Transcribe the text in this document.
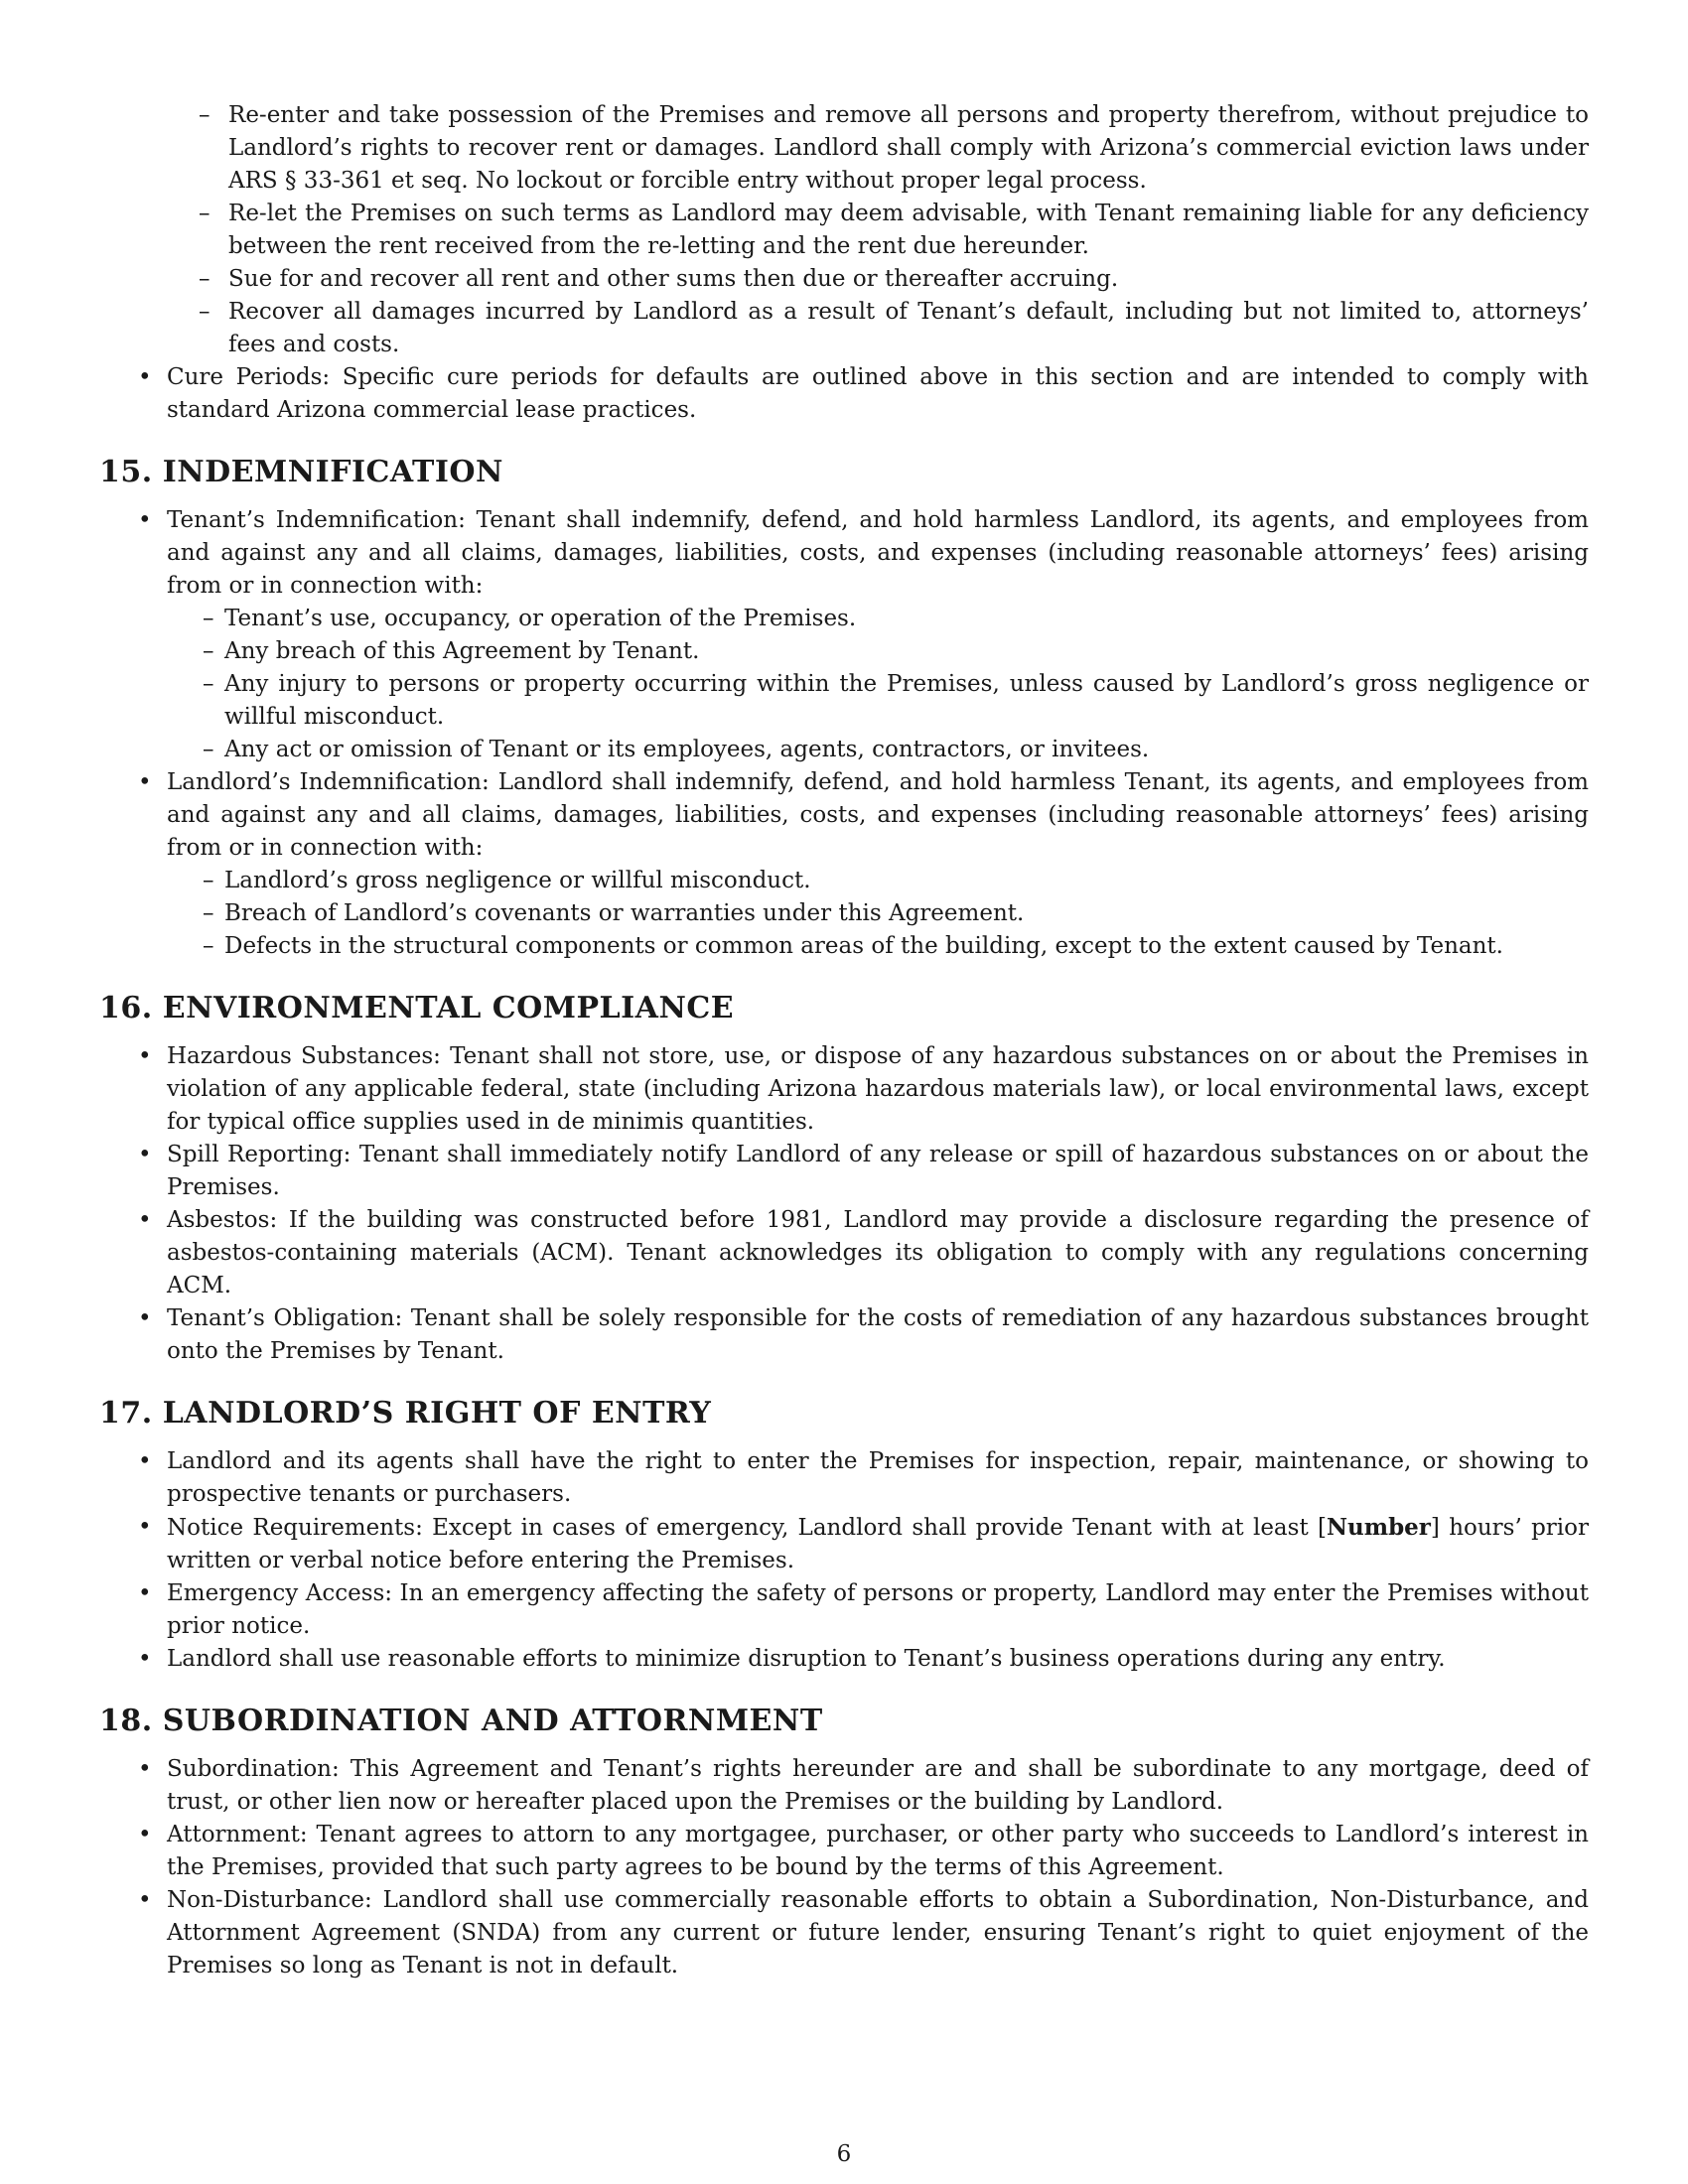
– Re-enter and take possession of the Premises and remove all persons and property therefrom, without prejudice to Landlord’s rights to recover rent or damages. Landlord shall comply with Arizona’s commercial eviction laws under ARS § 33-361 et seq. No lockout or forcible entry without proper legal process.
– Re-let the Premises on such terms as Landlord may deem advisable, with Tenant remaining liable for any deficiency between the rent received from the re-letting and the rent due hereunder.
– Sue for and recover all rent and other sums then due or thereafter accruing.
– Recover all damages incurred by Landlord as a result of Tenant’s default, including but not limited to, attorneys’ fees and costs.
• Cure Periods: Specific cure periods for defaults are outlined above in this section and are intended to comply with standard Arizona commercial lease practices.
15. INDEMNIFICATION
• Tenant’s Indemnification: Tenant shall indemnify, defend, and hold harmless Landlord, its agents, and employees from and against any and all claims, damages, liabilities, costs, and expenses (including reasonable attorneys’ fees) arising from or in connection with:
– Tenant’s use, occupancy, or operation of the Premises.
– Any breach of this Agreement by Tenant.
– Any injury to persons or property occurring within the Premises, unless caused by Landlord’s gross negligence or willful misconduct.
– Any act or omission of Tenant or its employees, agents, contractors, or invitees.
• Landlord’s Indemnification: Landlord shall indemnify, defend, and hold harmless Tenant, its agents, and employees from and against any and all claims, damages, liabilities, costs, and expenses (including reasonable attorneys’ fees) arising from or in connection with:
– Landlord’s gross negligence or willful misconduct.
– Breach of Landlord’s covenants or warranties under this Agreement.
– Defects in the structural components or common areas of the building, except to the extent caused by Tenant.
16. ENVIRONMENTAL COMPLIANCE
• Hazardous Substances: Tenant shall not store, use, or dispose of any hazardous substances on or about the Premises in violation of any applicable federal, state (including Arizona hazardous materials law), or local environmental laws, except for typical office supplies used in de minimis quantities.
• Spill Reporting: Tenant shall immediately notify Landlord of any release or spill of hazardous substances on or about the Premises.
• Asbestos: If the building was constructed before 1981, Landlord may provide a disclosure regarding the presence of asbestos-containing materials (ACM). Tenant acknowledges its obligation to comply with any regulations concerning ACM.
• Tenant’s Obligation: Tenant shall be solely responsible for the costs of remediation of any hazardous substances brought onto the Premises by Tenant.
17. LANDLORD’S RIGHT OF ENTRY
• Landlord and its agents shall have the right to enter the Premises for inspection, repair, maintenance, or showing to prospective tenants or purchasers.
• Notice Requirements: Except in cases of emergency, Landlord shall provide Tenant with at least [Number] hours’ prior written or verbal notice before entering the Premises.
• Emergency Access: In an emergency affecting the safety of persons or property, Landlord may enter the Premises without prior notice.
• Landlord shall use reasonable efforts to minimize disruption to Tenant’s business operations during any entry.
18. SUBORDINATION AND ATTORNMENT
• Subordination: This Agreement and Tenant’s rights hereunder are and shall be subordinate to any mortgage, deed of trust, or other lien now or hereafter placed upon the Premises or the building by Landlord.
• Attornment: Tenant agrees to attorn to any mortgagee, purchaser, or other party who succeeds to Landlord’s interest in the Premises, provided that such party agrees to be bound by the terms of this Agreement.
• Non-Disturbance: Landlord shall use commercially reasonable efforts to obtain a Subordination, Non-Disturbance, and Attornment Agreement (SNDA) from any current or future lender, ensuring Tenant’s right to quiet enjoyment of the Premises so long as Tenant is not in default.
6
